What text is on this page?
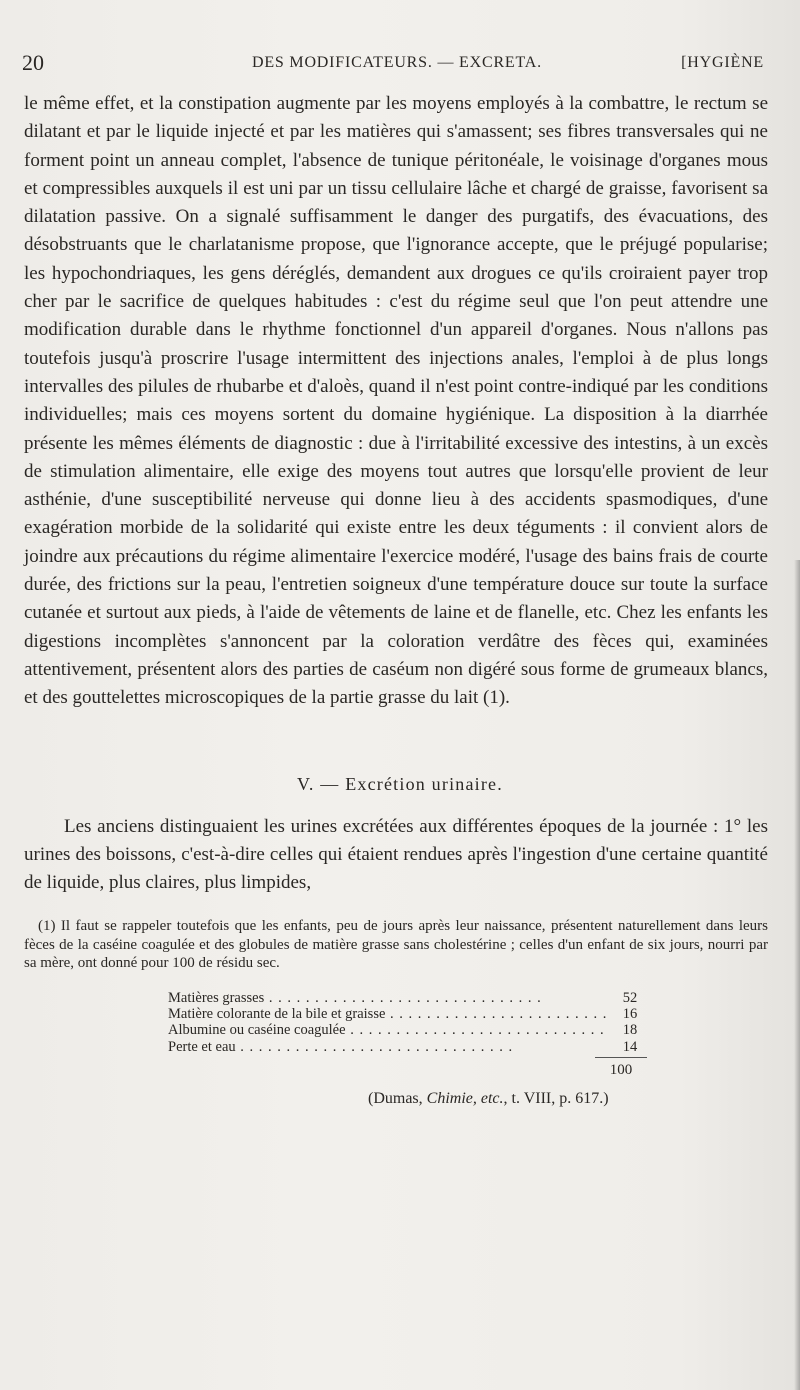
20	DES MODIFICATEURS. — EXCRETA.	[HYGIÈNE

le même effet, et la constipation augmente par les moyens employés à la combattre, le rectum se dilatant et par le liquide injecté et par les matières qui s'amassent; ses fibres transversales qui ne forment point un anneau complet, l'absence de tunique péritonéale, le voisinage d'organes mous et compressibles auxquels il est uni par un tissu cellulaire lâche et chargé de graisse, favorisent sa dilatation passive. On a signalé suffisamment le danger des purgatifs, des évacuations, des désobstruants que le charlatanisme propose, que l'ignorance accepte, que le préjugé popularise; les hypochondriaques, les gens déréglés, demandent aux drogues ce qu'ils croiraient payer trop cher par le sacrifice de quelques habitudes : c'est du régime seul que l'on peut attendre une modification durable dans le rhythme fonctionnel d'un appareil d'organes. Nous n'allons pas toutefois jusqu'à proscrire l'usage intermittent des injections anales, l'emploi à de plus longs intervalles des pilules de rhubarbe et d'aloès, quand il n'est point contre-indiqué par les conditions individuelles; mais ces moyens sortent du domaine hygiénique. La disposition à la diarrhée présente les mêmes éléments de diagnostic : due à l'irritabilité excessive des intestins, à un excès de stimulation alimentaire, elle exige des moyens tout autres que lorsqu'elle provient de leur asthénie, d'une susceptibilité nerveuse qui donne lieu à des accidents spasmodiques, d'une exagération morbide de la solidarité qui existe entre les deux téguments : il convient alors de joindre aux précautions du régime alimentaire l'exercice modéré, l'usage des bains frais de courte durée, des frictions sur la peau, l'entretien soigneux d'une température douce sur toute la surface cutanée et surtout aux pieds, à l'aide de vêtements de laine et de flanelle, etc. Chez les enfants les digestions incomplètes s'annoncent par la coloration verdâtre des fèces qui, examinées attentivement, présentent alors des parties de caséum non digéré sous forme de grumeaux blancs, et des gouttelettes microscopiques de la partie grasse du lait (1).

V. — Excrétion urinaire.

Les anciens distinguaient les urines excrétées aux différentes époques de la journée : 1° les urines des boissons, c'est-à-dire celles qui étaient rendues après l'ingestion d'une certaine quantité de liquide, plus claires, plus limpides,

(1) Il faut se rappeler toutefois que les enfants, peu de jours après leur naissance, présentent naturellement dans leurs fèces de la caséine coagulée et des globules de matière grasse sans cholestérine ; celles d'un enfant de six jours, nourri par sa mère, ont donné pour 100 de résidu sec.

Matières grasses . . .	52
Matière colorante de la bile et graisse . . .	16
Albumine ou caséine coagulée . . .	18
Perte et eau . . .	14
100
(Dumas, Chimie, etc., t. VIII, p. 617.)
